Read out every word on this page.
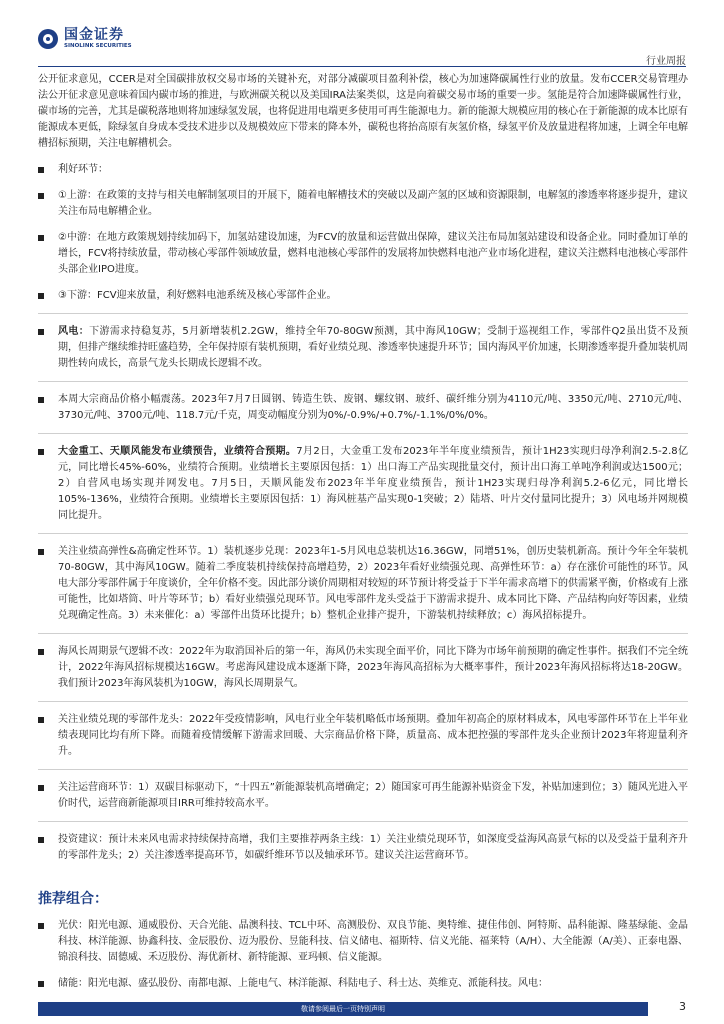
国金证券
SINOLINK SECURITIES
行业周报

公开征求意见，CCER是对全国碳排放权交易市场的关键补充，对部分减碳项目盈利补偿，核心为加速降碳属性行业的放量。发布CCER交易管理办法公开征求意见意味着国内碳市场的推进，与欧洲碳关税以及美国IRA法案类似，这是向着碳交易市场的重要一步。氢能是符合加速降碳属性行业，碳市场的完善，尤其是碳税落地则将加速绿氢发展，也将促进用电端更多使用可再生能源电力。新的能源大规模应用的核心在于新能源的成本比原有能源成本更低，除绿氢自身成本受技术进步以及规模效应下带来的降本外，碳税也将抬高原有灰氢价格，绿氢平价及放量进程将加速，上调全年电解槽招标预期，关注电解槽机会。

利好环节：
①上游：在政策的支持与相关电解制氢项目的开展下，随着电解槽技术的突破以及副产氢的区域和资源限制，电解氢的渗透率将逐步提升，建议关注布局电解槽企业。
②中游：在地方政策规划持续加码下，加氢站建设加速，为FCV的放量和运营做出保障，建议关注布局加氢站建设和设备企业。同时叠加订单的增长，FCV将持续放量，带动核心零部件领域放量，燃料电池核心零部件的发展将加快燃料电池产业市场化进程，建议关注燃料电池核心零部件头部企业IPO进度。
③下游：FCV迎来放量，利好燃料电池系统及核心零部件企业。
风电：下游需求持稳复苏，5月新增装机2.2GW，维持全年70-80GW预测，其中海风10GW；受制于巡视组工作，零部件Q2虽出货不及预期，但排产继续维持旺盛趋势，全年保持原有装机预期，看好业绩兑现、渗透率快速提升环节；国内海风平价加速，长期渗透率提升叠加装机周期性转向成长，高景气龙头长期成长逻辑不改。
本周大宗商品价格小幅震荡。2023年7月7日圆钢、铸造生铁、废钢、螺纹钢、玻纤、碳纤维分别为4110元/吨、3350元/吨、2710元/吨、3730元/吨、3700元/吨、118.7元/千克，周变动幅度分别为0%/-0.9%/+0.7%/-1.1%/0%/0%。
大金重工、天顺风能发布业绩预告，业绩符合预期。7月2日，大金重工发布2023年半年度业绩预告，预计1H23实现归母净利润2.5-2.8亿元，同比增长45%-60%，业绩符合预期。业绩增长主要原因包括：1）出口海工产品实现批量交付，预计出口海工单吨净利润或达1500元；2）自营风电场实现并网发电。7月5日，天顺风能发布2023年半年度业绩预告，预计1H23实现归母净利润5.2-6亿元，同比增长105%-136%，业绩符合预期。业绩增长主要原因包括：1）海风桩基产品实现0-1突破；2）陆塔、叶片交付量同比提升；3）风电场并网规模同比提升。
关注业绩高弹性&高确定性环节。1）装机逐步兑现：2023年1-5月风电总装机达16.36GW，同增51%，创历史装机新高。预计今年全年装机70-80GW，其中海风10GW。随着二季度装机持续保持高增趋势，2）2023年看好业绩强兑现、高弹性环节：a）存在涨价可能性的环节。风电大部分零部件属于年度谈价，全年价格不变。因此部分谈价周期相对较短的环节预计将受益于下半年需求高增下的供需紧平衡，价格或有上涨可能性，比如塔筒、叶片等环节；b）看好业绩强兑现环节。风电零部件龙头受益于下游需求提升、成本同比下降、产品结构向好等因素，业绩兑现确定性高。3）未来催化：a）零部件出货环比提升；b）整机企业排产提升，下游装机持续释放；c）海风招标提升。
海风长周期景气逻辑不改：2022年为取消国补后的第一年，海风仍未实现全面平价，同比下降为市场年前预期的确定性事件。据我们不完全统计，2022年海风招标规模达16GW。考虑海风建设成本逐渐下降，2023年海风高招标为大概率事件，预计2023年海风招标将达18-20GW。我们预计2023年海风装机为10GW，海风长周期景气。
关注业绩兑现的零部件龙头：2022年受疫情影响，风电行业全年装机略低市场预期。叠加年初高企的原材料成本，风电零部件环节在上半年业绩表现同比均有所下降。而随着疫情缓解下游需求回暖、大宗商品价格下降，质量高、成本把控强的零部件龙头企业预计2023年将迎量利齐升。
关注运营商环节：1）双碳目标驱动下，“十四五”新能源装机高增确定；2）随国家可再生能源补贴资金下发，补贴加速到位；3）随风光进入平价时代，运营商新能源项目IRR可维持较高水平。
投资建议：预计未来风电需求持续保持高增，我们主要推荐两条主线：1）关注业绩兑现环节，如深度受益海风高景气标的以及受益于量利齐升的零部件龙头；2）关注渗透率提高环节，如碳纤维环节以及轴承环节。建议关注运营商环节。
推荐组合：
光伏：阳光电源、通威股份、天合光能、晶澳科技、TCL中环、高测股份、双良节能、奥特维、捷佳伟创、阿特斯、晶科能源、隆基绿能、金晶科技、林洋能源、协鑫科技、金辰股份、迈为股份、昱能科技、信义储电、福斯特、信义光能、福莱特（A/H）、大全能源（A/美）、正泰电器、锦浪科技、固德威、禾迈股份、海优新材、新特能源、亚玛顿、信义能源。
储能：阳光电源、盛弘股份、南都电源、上能电气、林洋能源、科陆电子、科士达、英维克、派能科技。风电：
敬请参阅最后一页特别声明	3
